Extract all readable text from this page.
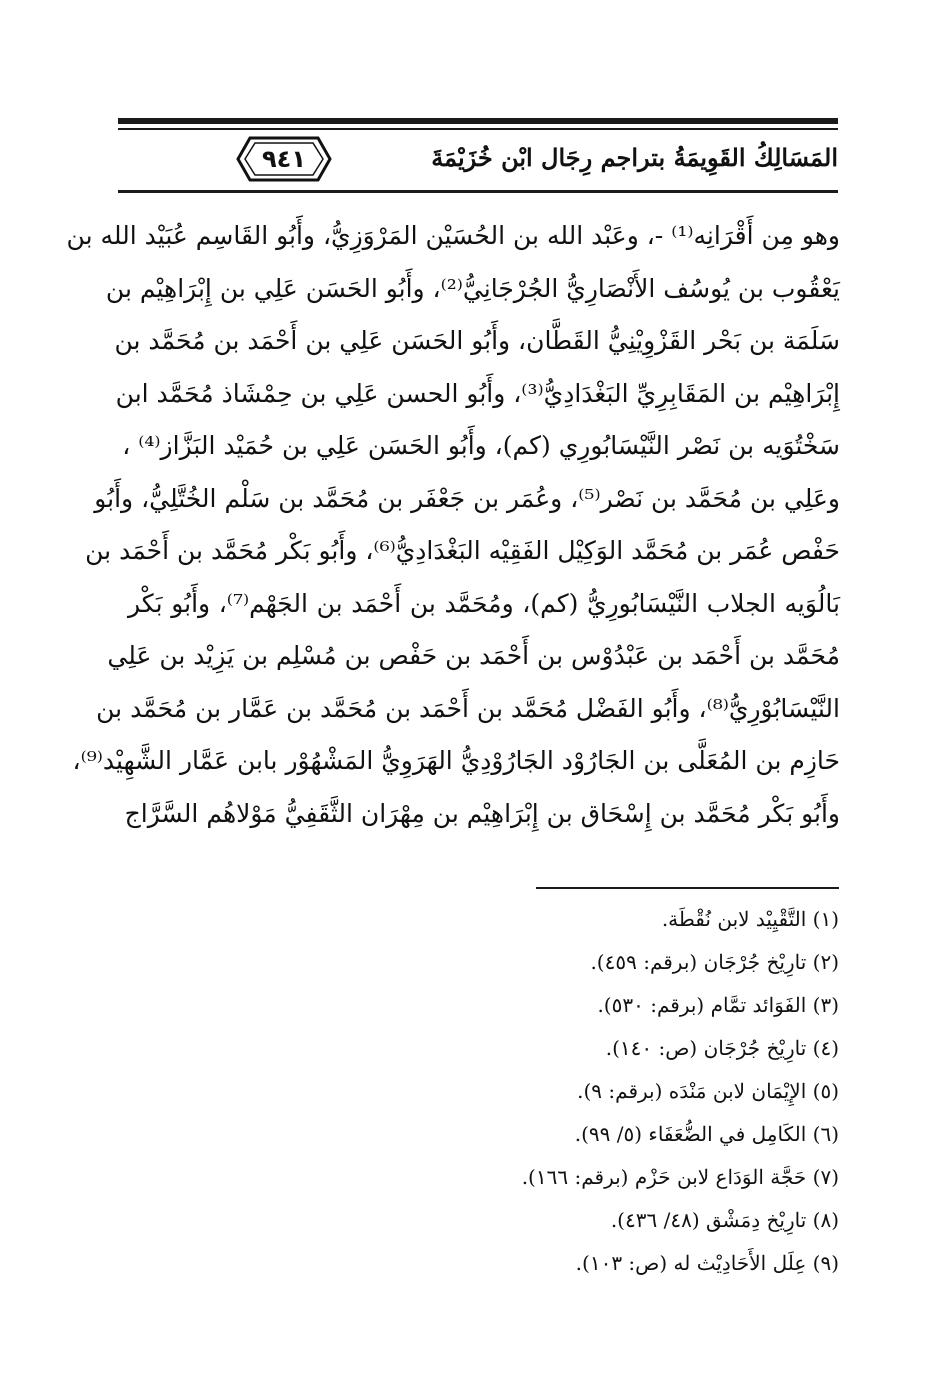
المَسَالِكُ القَوِيمَةُ بتراجم رِجَال ابْن خُزَيْمَةَ
٩٤١
وهو مِن أَقْرَانِه⁽¹⁾ -، وعَبْد الله بن الحُسَيْن المَرْوَزِيُّ، وأَبُو القَاسِم عُبَيْد الله بن
يَعْقُوب بن يُوسُف الأَنْصَارِيُّ الجُرْجَانِيُّ⁽²⁾، وأَبُو الحَسَن عَلِي بن إِبْرَاهِيْم بن
سَلَمَة بن بَحْر القَزْوِيْنِيُّ القَطَّان، وأَبُو الحَسَن عَلِي بن أَحْمَد بن مُحَمَّد بن
إِبْرَاهِيْم بن المَقَابِرِيِّ البَغْدَادِيُّ⁽³⁾، وأَبُو الحسن عَلِي بن حِمْشَاذ مُحَمَّد ابن
سَخْتُوَيه بن نَصْر النَّيْسَابُورِي (كم)، وأَبُو الحَسَن عَلِي بن حُمَيْد البَزَّاز⁽⁴⁾ ،
وعَلِي بن مُحَمَّد بن نَصْر⁽⁵⁾، وعُمَر بن جَعْفَر بن مُحَمَّد بن سَلْم الخُتَّلِيُّ، وأَبُو
حَفْص عُمَر بن مُحَمَّد الوَكِيْل الفَقِيْه البَغْدَادِيُّ⁽⁶⁾، وأَبُو بَكْر مُحَمَّد بن أَحْمَد بن
بَالُوَيه الجلاب النَّيْسَابُورِيُّ (كم)، ومُحَمَّد بن أَحْمَد بن الجَهْم⁽⁷⁾، وأَبُو بَكْر
مُحَمَّد بن أَحْمَد بن عَبْدُوْس بن أَحْمَد بن حَفْص بن مُسْلِم بن يَزِيْد بن عَلِي
النَّيْسَابُوْرِيُّ⁽⁸⁾، وأَبُو الفَضْل مُحَمَّد بن أَحْمَد بن مُحَمَّد بن عَمَّار بن مُحَمَّد بن
حَازِم بن المُعَلَّى بن الجَارُوْد الجَارُوْدِيُّ الهَرَوِيُّ المَشْهُوْر بابن عَمَّار الشَّهِيْد⁽⁹⁾،
وأَبُو بَكْر مُحَمَّد بن إِسْحَاق بن إِبْرَاهِيْم بن مِهْرَان الثَّقَفِيُّ مَوْلاهُم السَّرَّاج
(١) التَّقْيِيْد لابن نُقْطَة.
(٢) تارِيْخ جُرْجَان (برقم: ٤٥٩).
(٣) الفَوَائد تمَّام (برقم: ٥٣٠).
(٤) تارِيْخ جُرْجَان (ص: ١٤٠).
(٥) الإِيْمَان لابن مَنْدَه (برقم: ٩).
(٦) الكَامِل في الضُّعَفَاء (٥/ ٩٩).
(٧) حَجَّة الوَدَاع لابن حَزْم (برقم: ١٦٦).
(٨) تارِيْخ دِمَشْق (٤٨/ ٤٣٦).
(٩) عِلَل الأَحَادِيْث له (ص: ١٠٣).
